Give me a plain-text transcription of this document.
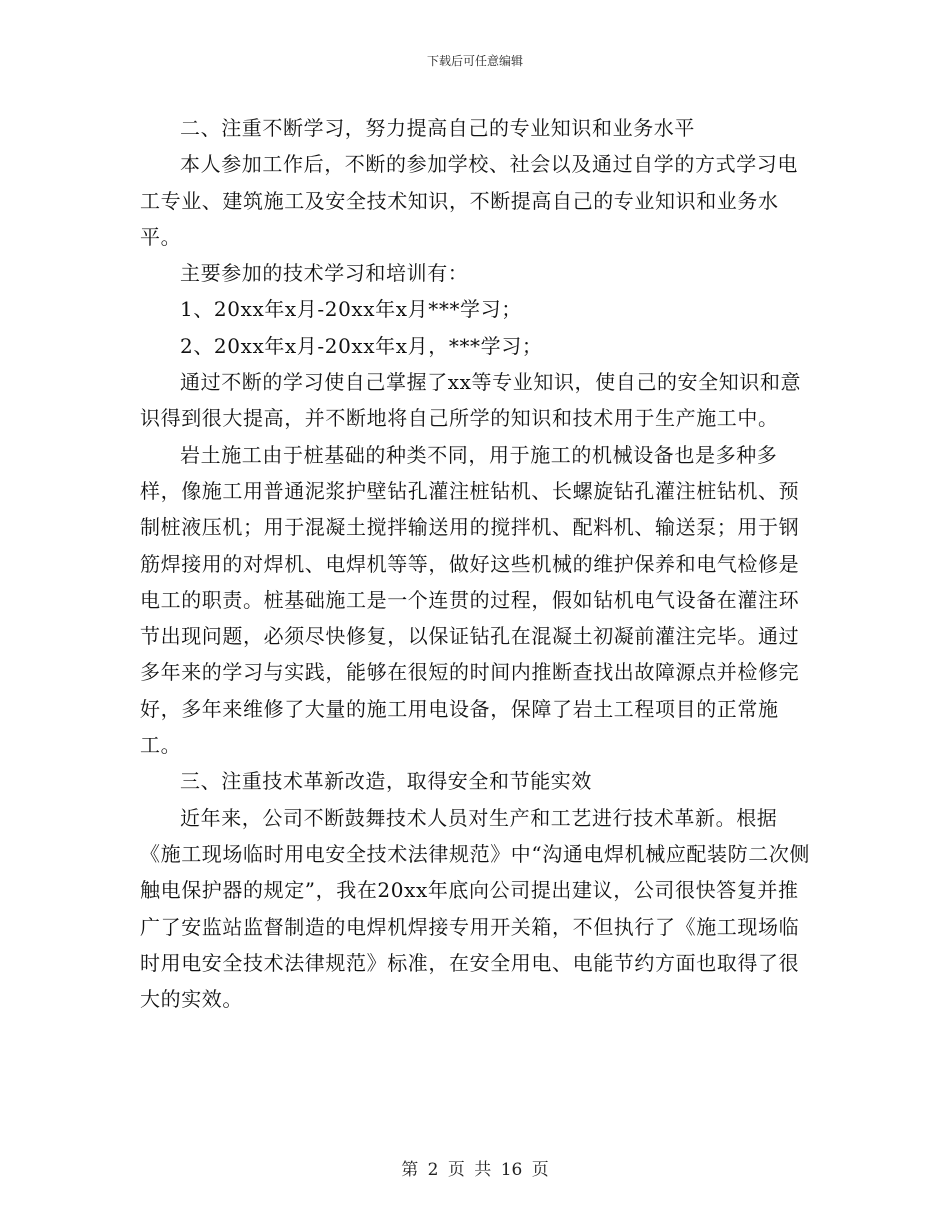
下载后可任意编辑

二、注重不断学习，努力提高自己的专业知识和业务水平

本人参加工作后，不断的参加学校、社会以及通过自学的方式学习电工专业、建筑施工及安全技术知识，不断提高自己的专业知识和业务水平。

主要参加的技术学习和培训有：

1、20xx年x月-20xx年x月***学习；

2、20xx年x月-20xx年x月，***学习；

通过不断的学习使自己掌握了xx等专业知识，使自己的安全知识和意识得到很大提高，并不断地将自己所学的知识和技术用于生产施工中。

岩土施工由于桩基础的种类不同，用于施工的机械设备也是多种多样，像施工用普通泥浆护壁钻孔灌注桩钻机、长螺旋钻孔灌注桩钻机、预制桩液压机；用于混凝土搅拌输送用的搅拌机、配料机、输送泵；用于钢筋焊接用的对焊机、电焊机等等，做好这些机械的维护保养和电气检修是电工的职责。桩基础施工是一个连贯的过程，假如钻机电气设备在灌注环节出现问题，必须尽快修复，以保证钻孔在混凝土初凝前灌注完毕。通过多年来的学习与实践，能够在很短的时间内推断查找出故障源点并检修完好，多年来维修了大量的施工用电设备，保障了岩土工程项目的正常施工。

三、注重技术革新改造，取得安全和节能实效

近年来，公司不断鼓舞技术人员对生产和工艺进行技术革新。根据《施工现场临时用电安全技术法律规范》中“沟通电焊机械应配装防二次侧触电保护器的规定”，我在20xx年底向公司提出建议，公司很快答复并推广了安监站监督制造的电焊机焊接专用开关箱，不但执行了《施工现场临时用电安全技术法律规范》标准，在安全用电、电能节约方面也取得了很大的实效。

第 2 页 共 16 页
